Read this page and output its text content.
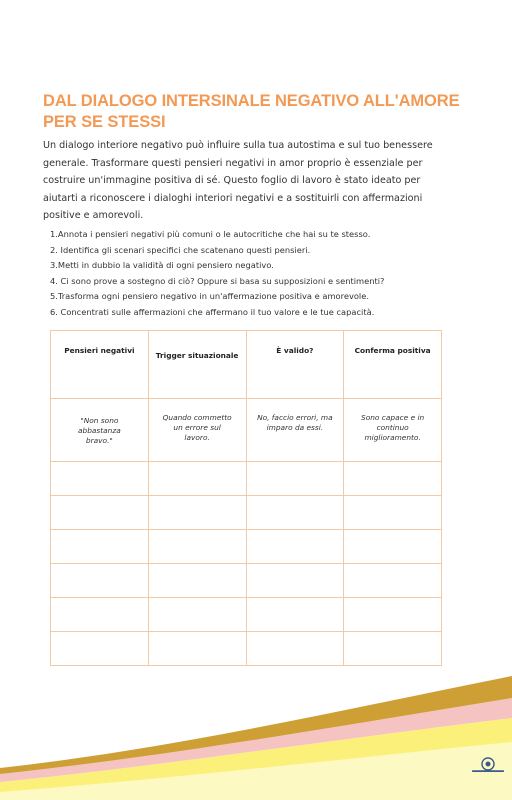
DAL DIALOGO INTERSINALE NEGATIVO ALL'AMORE PER SE STESSI

Un dialogo interiore negativo può influire sulla tua autostima e sul tuo benessere generale. Trasformare questi pensieri negativi in amor proprio è essenziale per costruire un'immagine positiva di sé. Questo foglio di lavoro è stato ideato per aiutarti a riconoscere i dialoghi interiori negativi e a sostituirli con affermazioni positive e amorevoli.

1.Annota i pensieri negativi più comuni o le autocritiche che hai su te stesso.
2. Identifica gli scenari specifici che scatenano questi pensieri.
3.Metti in dubbio la validità di ogni pensiero negativo.
4. Ci sono prove a sostegno di ciò? Oppure si basa su supposizioni e sentimenti?
5.Trasforma ogni pensiero negativo in un'affermazione positiva e amorevole.
6. Concentrati sulle affermazioni che affermano il tuo valore e le tue capacità.
Pensieri negativi	Trigger situazionale	È valido?	Conferma positiva

"Non sono abbastanza bravo."	Quando commetto un errore sul lavoro.	No, faccio errori, ma imparo da essi.	Sono capace e in continuo miglioramento.
